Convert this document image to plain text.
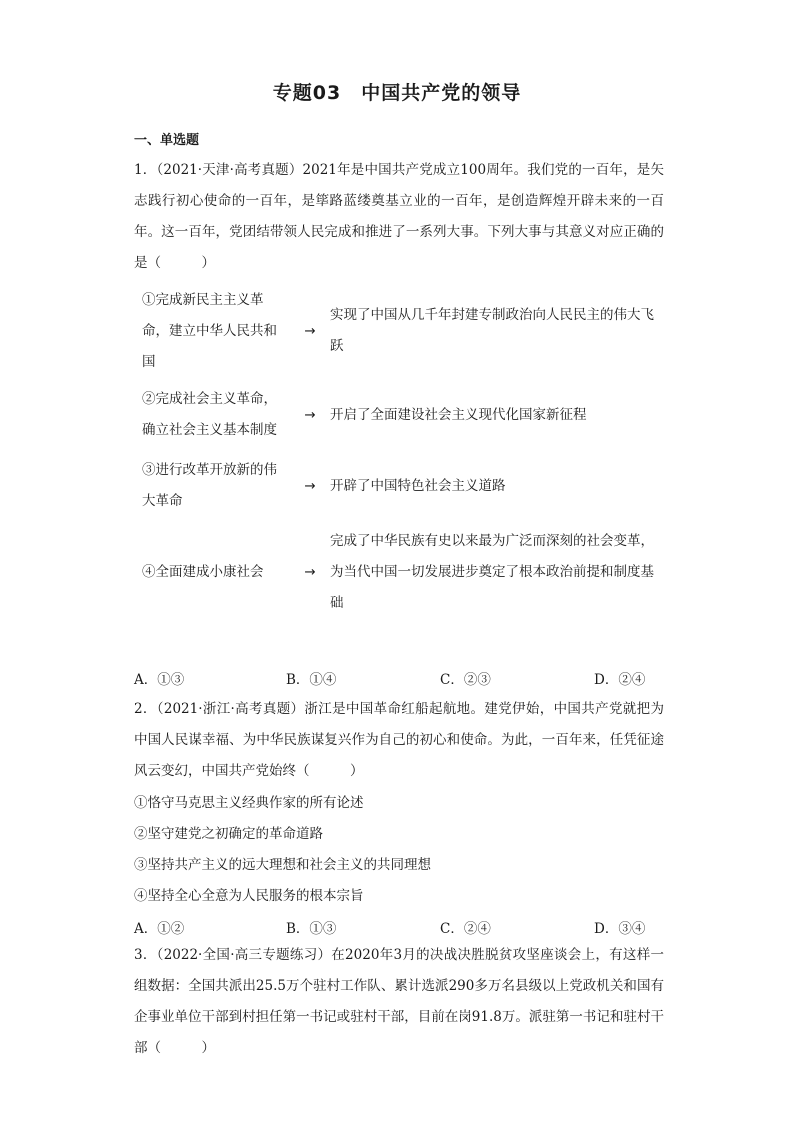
专题03　中国共产党的领导
一、单选题
1．（2021·天津·高考真题）2021年是中国共产党成立100周年。我们党的一百年，是矢志践行初心使命的一百年，是筚路蓝缕奠基立业的一百年，是创造辉煌开辟未来的一百年。这一百年，党团结带领人民完成和推进了一系列大事。下列大事与其意义对应正确的是（　　　）
①完成新民主主义革命，建立中华人民共和国	→	实现了中国从几千年封建专制政治向人民民主的伟大飞跃
②完成社会主义革命，确立社会主义基本制度	→	开启了全面建设社会主义现代化国家新征程
③进行改革开放新的伟大革命	→	开辟了中国特色社会主义道路
④全面建成小康社会	→	完成了中华民族有史以来最为广泛而深刻的社会变革，为当代中国一切发展进步奠定了根本政治前提和制度基础
A．①③	B．①④	C．②③	D．②④
2．（2021·浙江·高考真题）浙江是中国革命红船起航地。建党伊始，中国共产党就把为中国人民谋幸福、为中华民族谋复兴作为自己的初心和使命。为此，一百年来，任凭征途风云变幻，中国共产党始终（　　　）
①恪守马克思主义经典作家的所有论述
②坚守建党之初确定的革命道路
③坚持共产主义的远大理想和社会主义的共同理想
④坚持全心全意为人民服务的根本宗旨
A．①②	B．①③	C．②④	D．③④
3．（2022·全国·高三专题练习）在2020年3月的决战决胜脱贫攻坚座谈会上，有这样一组数据：全国共派出25.5万个驻村工作队、累计选派290多万名县级以上党政机关和国有企事业单位干部到村担任第一书记或驻村干部，目前在岗91.8万。派驻第一书记和驻村干部（　　　）
